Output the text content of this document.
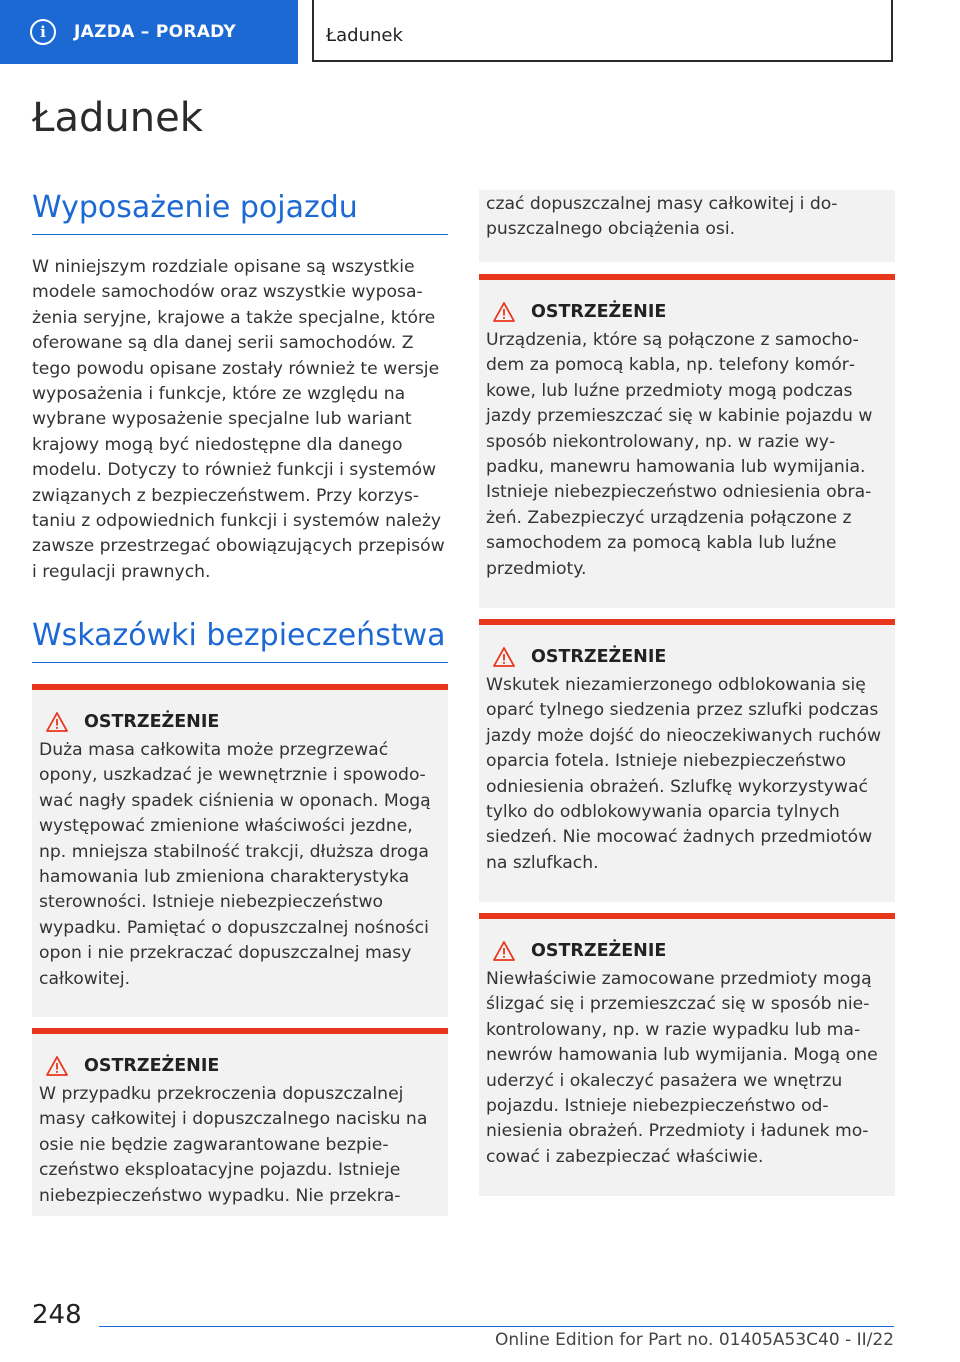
i	JAZDA – PORADY	Ładunek
Ładunek
Wyposażenie pojazdu

W niniejszym rozdziale opisane są wszystkie modele samochodów oraz wszystkie wyposażenia seryjne, krajowe a także specjalne, które oferowane są dla danej serii samochodów. Z tego powodu opisane zostały również te wersje wyposażenia i funkcje, które ze względu na wybrane wyposażenie specjalne lub wariant krajowy mogą być niedostępne dla danego modelu. Dotyczy to również funkcji i systemów związanych z bezpieczeństwem. Przy korzystaniu z odpowiednich funkcji i systemów należy zawsze przestrzegać obowiązujących przepisów i regulacji prawnych.

Wskazówki bezpieczeństwa
OSTRZEŻENIE

Duża masa całkowita może przegrzewać opony, uszkadzać je wewnętrznie i spowodować nagły spadek ciśnienia w oponach. Mogą występować zmienione właściwości jezdne, np. mniejsza stabilność trakcji, dłuższa droga hamowania lub zmieniona charakterystyka sterowności. Istnieje niebezpieczeństwo wypadku. Pamiętać o dopuszczalnej nośności opon i nie przekraczać dopuszczalnej masy całkowitej.

OSTRZEŻENIE

W przypadku przekroczenia dopuszczalnej masy całkowitej i dopuszczalnego nacisku na osie nie będzie zagwarantowane bezpieczeństwo eksploatacyjne pojazdu. Istnieje niebezpieczeństwo wypadku. Nie przekra-

czać dopuszczalnej masy całkowitej i dopuszczalnego obciążenia osi.

OSTRZEŻENIE

Urządzenia, które są połączone z samochodem za pomocą kabla, np. telefony komórkowe, lub luźne przedmioty mogą podczas jazdy przemieszczać się w kabinie pojazdu w sposób niekontrolowany, np. w razie wypadku, manewru hamowania lub wymijania. Istnieje niebezpieczeństwo odniesienia obrażeń. Zabezpieczyć urządzenia połączone z samochodem za pomocą kabla lub luźne przedmioty.

OSTRZEŻENIE

Wskutek niezamierzonego odblokowania się oparć tylnego siedzenia przez szlufki podczas jazdy może dojść do nieoczekiwanych ruchów oparcia fotela. Istnieje niebezpieczeństwo odniesienia obrażeń. Szlufkę wykorzystywać tylko do odblokowywania oparcia tylnych siedzeń. Nie mocować żadnych przedmiotów na szlufkach.

OSTRZEŻENIE

Niewłaściwie zamocowane przedmioty mogą ślizgać się i przemieszczać się w sposób niekontrolowany, np. w razie wypadku lub manewrów hamowania lub wymijania. Mogą one uderzyć i okaleczyć pasażera we wnętrzu pojazdu. Istnieje niebezpieczeństwo odniesienia obrażeń. Przedmioty i ładunek mocować i zabezpieczać właściwie.

248
Online Edition for Part no. 01405A53C40 - II/22
